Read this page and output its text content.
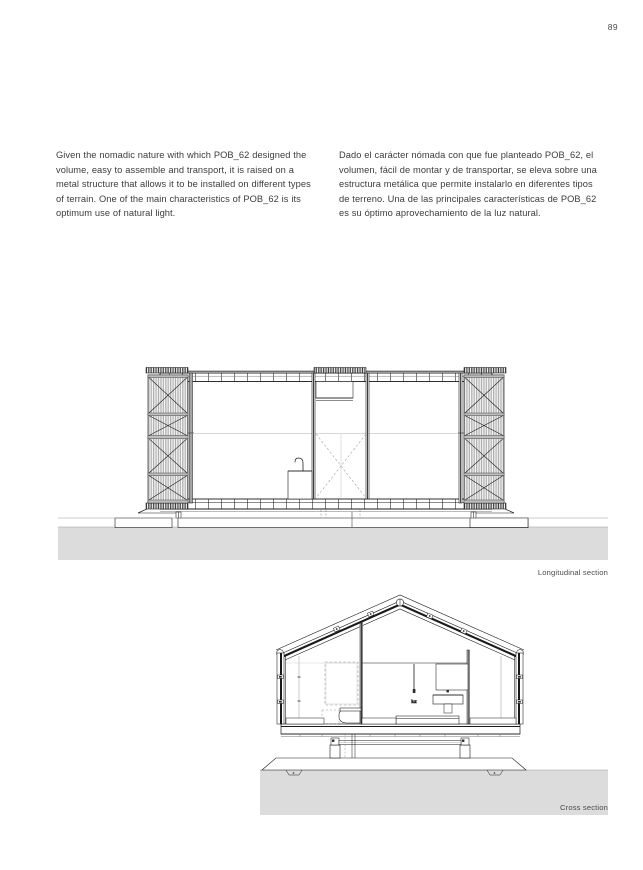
89
Given the nomadic nature with which POB_62 designed the volume, easy to assemble and transport, it is raised on a metal structure that allows it to be installed on different types of terrain. One of the main characteristics of POB_62 is its optimum use of natural light.
Dado el carácter nómada con que fue planteado POB_62, el volumen, fácil de montar y de transportar, se eleva sobre una estructura metálica que permite instalarlo en diferentes tipos de terreno. Una de las principales características de POB_62 es su óptimo aprovechamiento de la luz natural.
luz
Longitudinal section
Cross section
